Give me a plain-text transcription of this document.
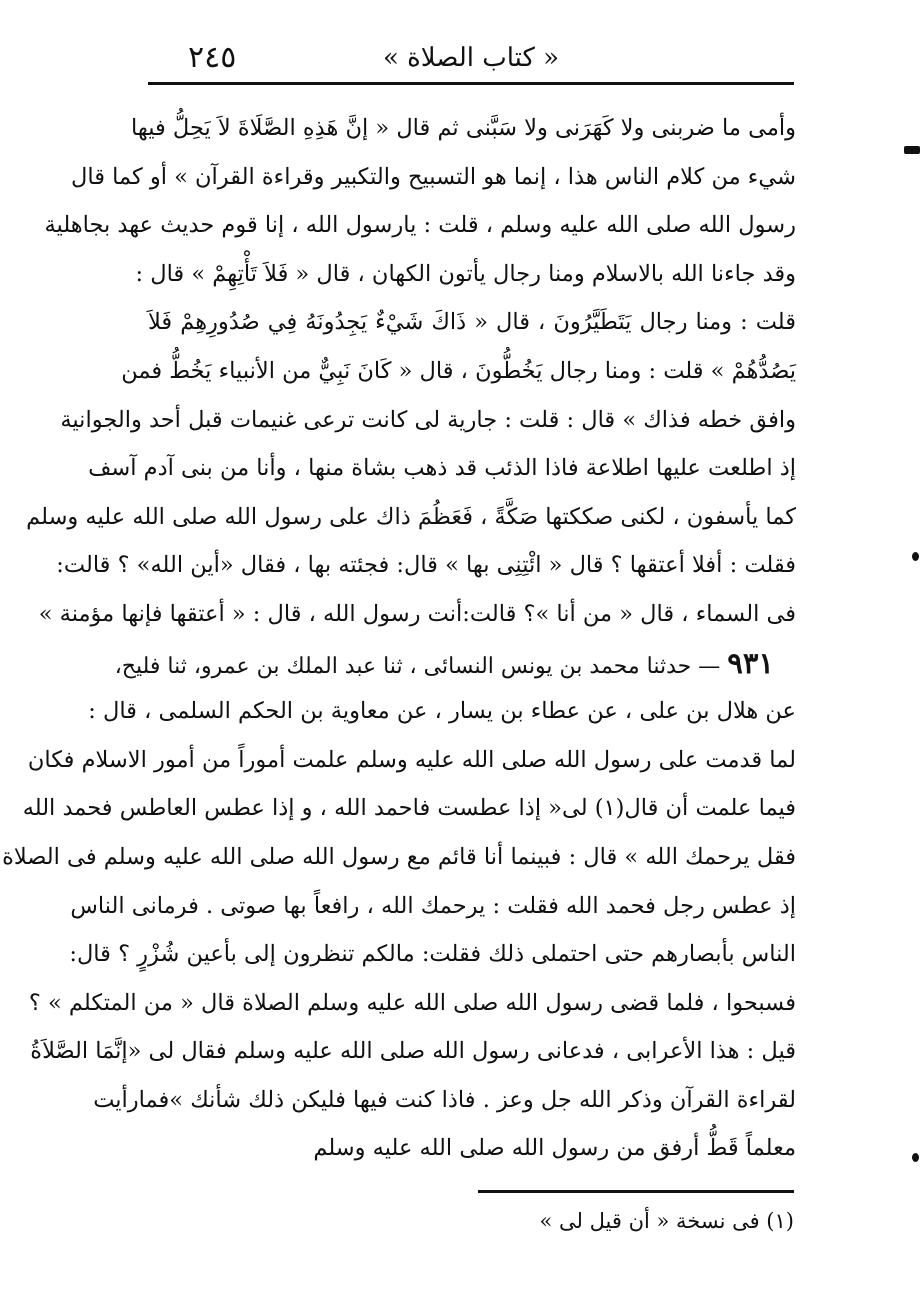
٢٤٥	« كتاب الصلاة »
وأمى ما ضربنى ولا كَهَرَنى ولا سَبَّنى ثم قال « إنَّ هَذِهِ الصَّلَاةَ لاَ يَحِلُّ فيها
شيء من كلام الناس هذا ، إنما هو التسبيح والتكبير وقراءة القرآن » أو كما قال
رسول الله صلى الله عليه وسلم ، قلت : يارسول الله ، إنا قوم حديث عهد بجاهلية
وقد جاءنا الله بالاسلام ومنا رجال يأتون الكهان ، قال « فَلاَ تَأْتِهِمْ » قال :
قلت : ومنا رجال يَتَطَيَّرُونَ ، قال « ذَاكَ شَيْءٌ يَجِدُونَهُ فِي صُدُورِهِمْ فَلاَ
يَصُدُّهُمْ » قلت : ومنا رجال يَخُطُّونَ ، قال « كَانَ نَبِيٌّ من الأنبياء يَخُطُّ فمن
وافق خطه فذاك » قال : قلت : جارية لى كانت ترعى غنيمات قبل أحد والجوانية
إذ اطلعت عليها اطلاعة فاذا الذئب قد ذهب بشاة منها ، وأنا من بنى آدم آسف
كما يأسفون ، لكنى صككتها صَكَّةً ، فَعَظُمَ ذاك على رسول الله صلى الله عليه وسلم
فقلت : أفلا أعتقها ؟ قال « ائْتِنِى بها » قال: فجئته بها ، فقال «أين الله» ؟ قالت:
فى السماء ، قال « من أنا »؟ قالت:أنت رسول الله ، قال : « أعتقها فإنها مؤمنة »
٩٣١ — حدثنا محمد بن يونس النسائى ، ثنا عبد الملك بن عمرو، ثنا فليح،
عن هلال بن على ، عن عطاء بن يسار ، عن معاوية بن الحكم السلمى ، قال :
لما قدمت على رسول الله صلى الله عليه وسلم علمت أموراً من أمور الاسلام فكان
فيما علمت أن قال(١) لى« إذا عطست فاحمد الله ، و إذا عطس العاطس فحمد الله
فقل يرحمك الله » قال : فبينما أنا قائم مع رسول الله صلى الله عليه وسلم فى الصلاة
إذ عطس رجل فحمد الله فقلت : يرحمك الله ، رافعاً بها صوتى . فرمانى الناس
الناس بأبصارهم حتى احتملى ذلك فقلت: مالكم تنظرون إلى بأعين شُزْرٍ ؟ قال:
فسبحوا ، فلما قضى رسول الله صلى الله عليه وسلم الصلاة قال « من المتكلم » ؟
قيل : هذا الأعرابى ، فدعانى رسول الله صلى الله عليه وسلم فقال لى «إنَّمَا الصَّلاَةُ
لقراءة القرآن وذكر الله جل وعز . فاذا كنت فيها فليكن ذلك شأنك »فمارأيت
معلماً قَطُّ أرفق من رسول الله صلى الله عليه وسلم
(١) فى نسخة « أن قيل لى »
